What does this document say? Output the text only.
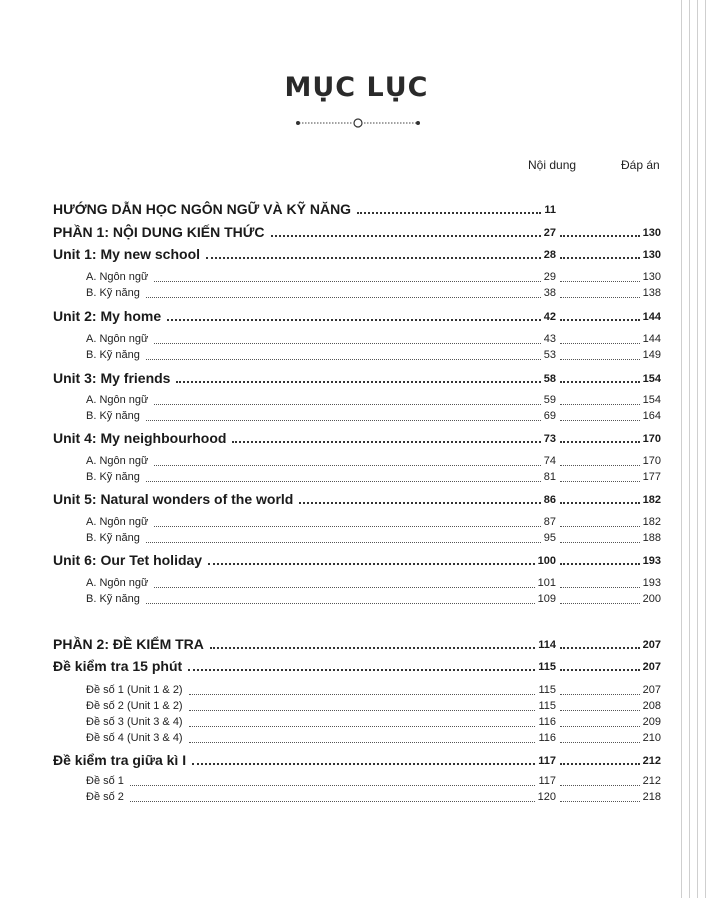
MỤC LỤC
Nội dung	Đáp án
HƯỚNG DẪN HỌC NGÔN NGỮ VÀ KỸ NĂNG	11
PHẦN 1: NỘI DUNG KIẾN THỨC	27	130
Unit 1: My new school	28	130
A. Ngôn ngữ	29	130
B. Kỹ năng	38	138
Unit 2: My home	42	144
A. Ngôn ngữ	43	144
B. Kỹ năng	53	149
Unit 3: My friends	58	154
A. Ngôn ngữ	59	154
B. Kỹ năng	69	164
Unit 4: My neighbourhood	73	170
A. Ngôn ngữ	74	170
B. Kỹ năng	81	177
Unit 5: Natural wonders of the world	86	182
A. Ngôn ngữ	87	182
B. Kỹ năng	95	188
Unit 6: Our Tet holiday	100	193
A. Ngôn ngữ	101	193
B. Kỹ năng	109	200
PHẦN 2: ĐỀ KIỂM TRA	114	207
Đề kiểm tra 15 phút	115	207
Đề số 1 (Unit 1 & 2)	115	207
Đề số 2 (Unit 1 & 2)	115	208
Đề số 3 (Unit 3 & 4)	116	209
Đề số 4 (Unit 3 & 4)	116	210
Đề kiểm tra giữa kì I	117	212
Đề số 1	117	212
Đề số 2	120	218
